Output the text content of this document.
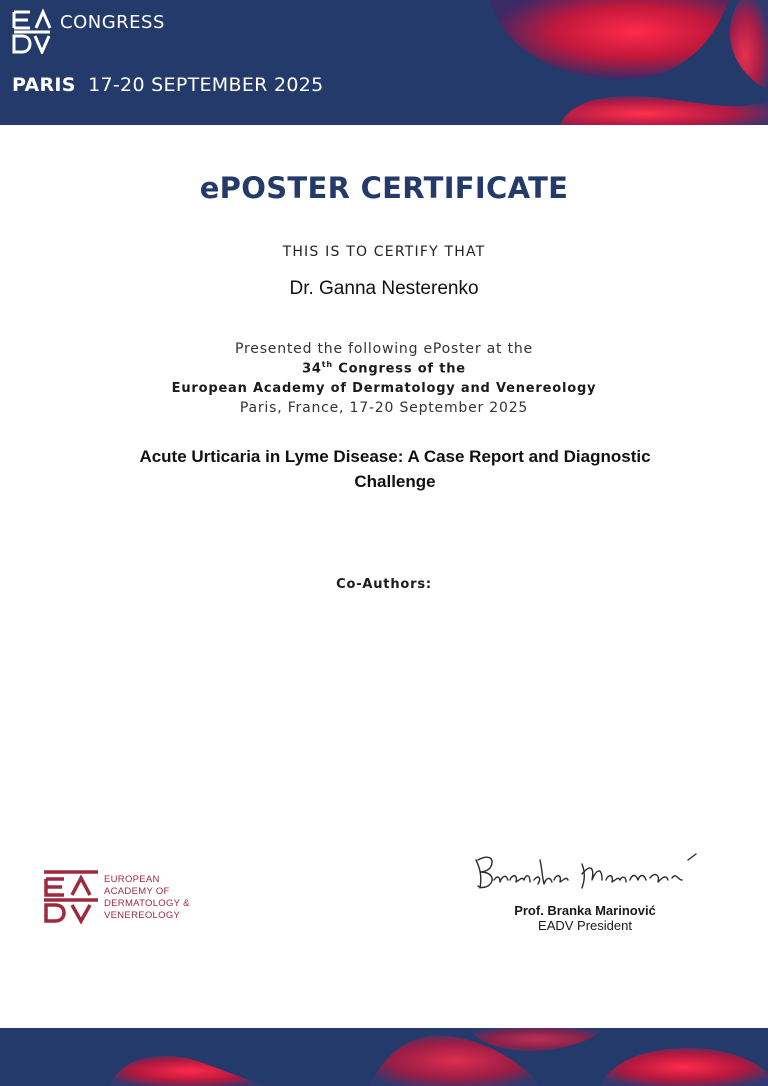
CONGRESS
PARIS 17-20 SEPTEMBER 2025
ePOSTER CERTIFICATE
THIS IS TO CERTIFY THAT
Dr. Ganna Nesterenko
Presented the following ePoster at the
34th Congress of the
European Academy of Dermatology and Venereology
Paris, France, 17-20 September 2025
Acute Urticaria in Lyme Disease: A Case Report and Diagnostic Challenge
Co-Authors:
EUROPEAN
ACADEMY OF
DERMATOLOGY &
VENEREOLOGY	Prof. Branka Marinović
EADV President
